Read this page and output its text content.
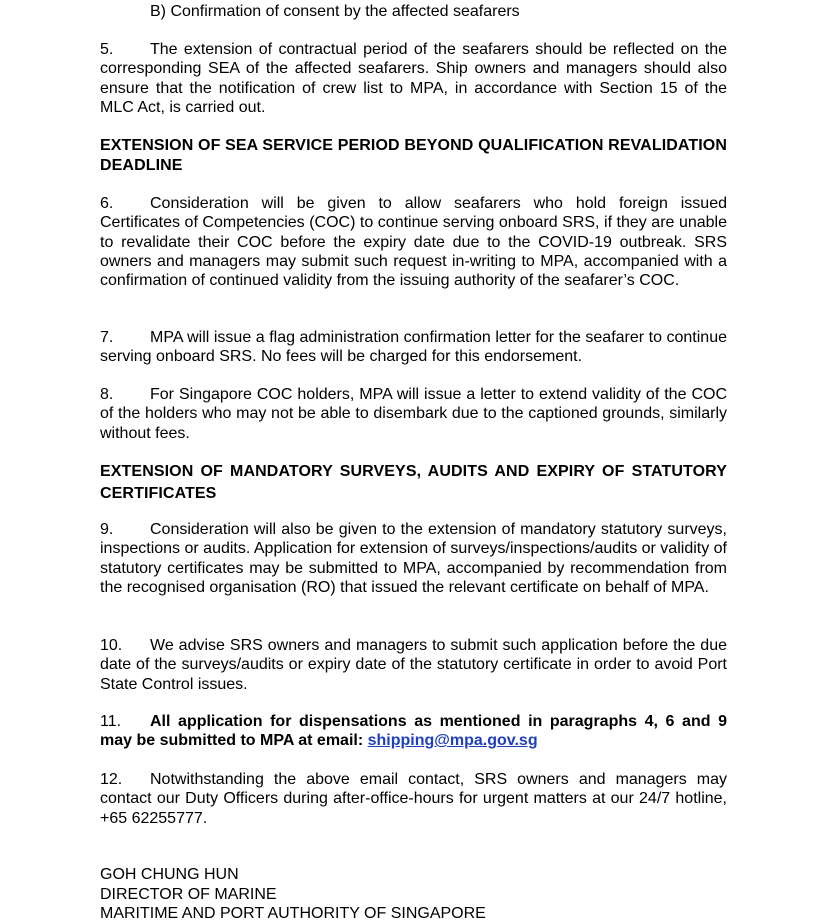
B) Confirmation of consent by the affected seafarers
5. The extension of contractual period of the seafarers should be reflected on the corresponding SEA of the affected seafarers. Ship owners and managers should also ensure that the notification of crew list to MPA, in accordance with Section 15 of the MLC Act, is carried out.
EXTENSION OF SEA SERVICE PERIOD BEYOND QUALIFICATION REVALIDATION DEADLINE
6. Consideration will be given to allow seafarers who hold foreign issued Certificates of Competencies (COC) to continue serving onboard SRS, if they are unable to revalidate their COC before the expiry date due to the COVID-19 outbreak. SRS owners and managers may submit such request in-writing to MPA, accompanied with a confirmation of continued validity from the issuing authority of the seafarer’s COC.
7. MPA will issue a flag administration confirmation letter for the seafarer to continue serving onboard SRS. No fees will be charged for this endorsement.
8. For Singapore COC holders, MPA will issue a letter to extend validity of the COC of the holders who may not be able to disembark due to the captioned grounds, similarly without fees.
EXTENSION OF MANDATORY SURVEYS, AUDITS AND EXPIRY OF STATUTORY CERTIFICATES
9. Consideration will also be given to the extension of mandatory statutory surveys, inspections or audits. Application for extension of surveys/inspections/audits or validity of statutory certificates may be submitted to MPA, accompanied by recommendation from the recognised organisation (RO) that issued the relevant certificate on behalf of MPA.
10. We advise SRS owners and managers to submit such application before the due date of the surveys/audits or expiry date of the statutory certificate in order to avoid Port State Control issues.
11. All application for dispensations as mentioned in paragraphs 4, 6 and 9 may be submitted to MPA at email: shipping@mpa.gov.sg
12. Notwithstanding the above email contact, SRS owners and managers may contact our Duty Officers during after-office-hours for urgent matters at our 24/7 hotline, +65 62255777.
GOH CHUNG HUN
DIRECTOR OF MARINE
MARITIME AND PORT AUTHORITY OF SINGAPORE
